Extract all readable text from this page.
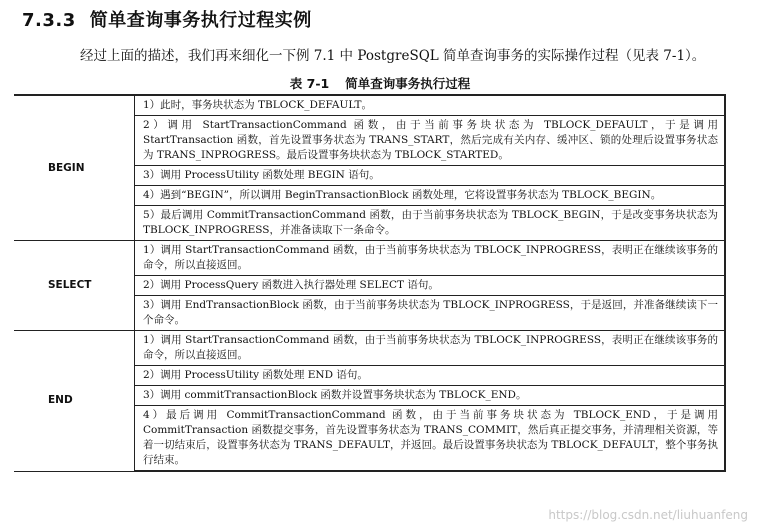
7.3.3 简单查询事务执行过程实例
经过上面的描述，我们再来细化一下例 7.1 中 PostgreSQL 简单查询事务的实际操作过程（见表 7-1）。
表 7-1 简单查询事务执行过程
BEGIN	1）此时，事务块状态为 TBLOCK_DEFAULT。
	2）调用 StartTransactionCommand 函数，由于当前事务块状态为 TBLOCK_DEFAULT，于是调用 StartTransaction 函数，首先设置事务状态为 TRANS_START，然后完成有关内存、缓冲区、锁的处理后设置事务状态为 TRANS_INPROGRESS。最后设置事务块状态为 TBLOCK_STARTED。
	3）调用 ProcessUtility 函数处理 BEGIN 语句。
	4）遇到“BEGIN”，所以调用 BeginTransactionBlock 函数处理，它将设置事务状态为 TBLOCK_BEGIN。
	5）最后调用 CommitTransactionCommand 函数，由于当前事务块状态为 TBLOCK_BEGIN，于是改变事务块状态为 TBLOCK_INPROGRESS，并准备读取下一条命令。
SELECT	1）调用 StartTransactionCommand 函数，由于当前事务块状态为 TBLOCK_INPROGRESS，表明正在继续该事务的命令，所以直接返回。
	2）调用 ProcessQuery 函数进入执行器处理 SELECT 语句。
	3）调用 EndTransactionBlock 函数，由于当前事务块状态为 TBLOCK_INPROGRESS，于是返回，并准备继续读下一个命令。
END	1）调用 StartTransactionCommand 函数，由于当前事务块状态为 TBLOCK_INPROGRESS，表明正在继续该事务的命令，所以直接返回。
	2）调用 ProcessUtility 函数处理 END 语句。
	3）调用 commitTransactionBlock 函数并设置事务块状态为 TBLOCK_END。
	4）最后调用 CommitTransactionCommand 函数，由于当前事务块状态为 TBLOCK_END，于是调用 CommitTransaction 函数提交事务，首先设置事务状态为 TRANS_COMMIT，然后真正提交事务，并清理相关资源，等着一切结束后，设置事务状态为 TRANS_DEFAULT，并返回。最后设置事务块状态为 TBLOCK_DEFAULT，整个事务执行结束。
https://blog.csdn.net/liuhuanfeng
